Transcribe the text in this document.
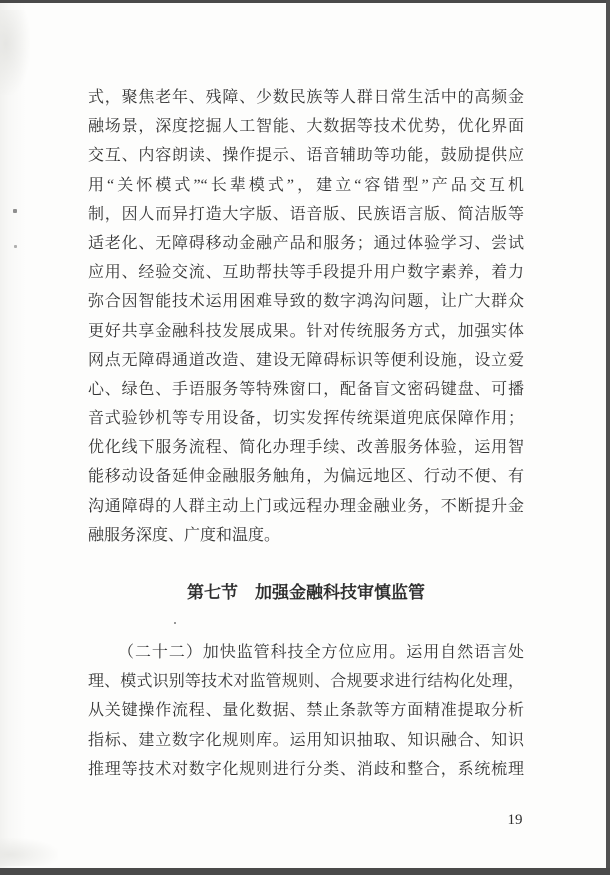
式，聚焦老年、残障、少数民族等人群日常生活中的高频金
融场景，深度挖掘人工智能、大数据等技术优势，优化界面
交互、内容朗读、操作提示、语音辅助等功能，鼓励提供应
用“关怀模式”“长辈模式”，建立“容错型”产品交互机
制，因人而异打造大字版、语音版、民族语言版、简洁版等
适老化、无障碍移动金融产品和服务；通过体验学习、尝试
应用、经验交流、互助帮扶等手段提升用户数字素养，着力
弥合因智能技术运用困难导致的数字鸿沟问题，让广大群众
更好共享金融科技发展成果。针对传统服务方式，加强实体
网点无障碍通道改造、建设无障碍标识等便利设施，设立爱
心、绿色、手语服务等特殊窗口，配备盲文密码键盘、可播
音式验钞机等专用设备，切实发挥传统渠道兜底保障作用；
优化线下服务流程、简化办理手续、改善服务体验，运用智
能移动设备延伸金融服务触角，为偏远地区、行动不便、有
沟通障碍的人群主动上门或远程办理金融业务，不断提升金
融服务深度、广度和温度。
第七节　加强金融科技审慎监管
（二十二）加快监管科技全方位应用。运用自然语言处
理、模式识别等技术对监管规则、合规要求进行结构化处理，
从关键操作流程、量化数据、禁止条款等方面精准提取分析
指标、建立数字化规则库。运用知识抽取、知识融合、知识
推理等技术对数字化规则进行分类、消歧和整合，系统梳理
19
